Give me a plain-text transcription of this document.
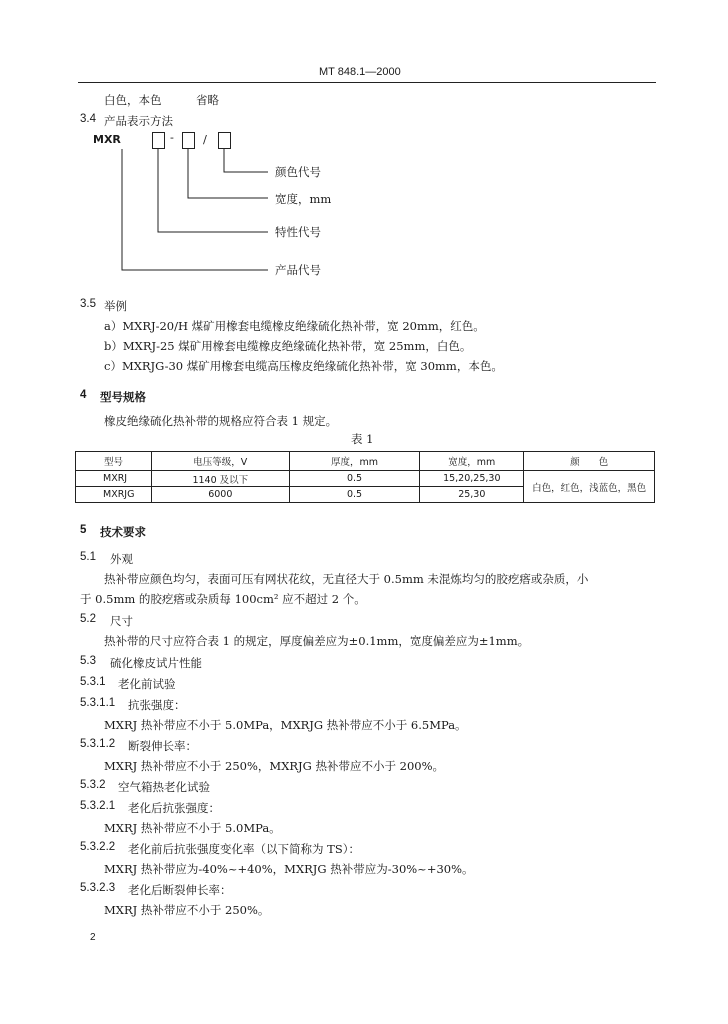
MT 848.1—2000
白色，本色　　　省略
3.4 产品表示方法
MXR	-	/
颜色代号
宽度，mm
特性代号
产品代号
3.5 举例
a）MXRJ-20/H 煤矿用橡套电缆橡皮绝缘硫化热补带，宽 20mm，红色。
b）MXRJ-25 煤矿用橡套电缆橡皮绝缘硫化热补带，宽 25mm，白色。
c）MXRJG-30 煤矿用橡套电缆高压橡皮绝缘硫化热补带，宽 30mm，本色。
4 型号规格
橡皮绝缘硫化热补带的规格应符合表 1 规定。
表 1
型号	电压等级，V	厚度，mm	宽度，mm	颜　　色
MXRJ	1140 及以下	0.5	15,20,25,30	白色，红色，浅蓝色，黑色
MXRJG	6000	0.5	25,30	
5 技术要求
5.1 外观
热补带应颜色均匀，表面可压有网状花纹，无直径大于 0.5mm 未混炼均匀的胶疙瘩或杂质，小
于 0.5mm 的胶疙瘩或杂质每 100cm² 应不超过 2 个。
5.2 尺寸
热补带的尺寸应符合表 1 的规定，厚度偏差应为±0.1mm，宽度偏差应为±1mm。
5.3 硫化橡皮试片性能
5.3.1 老化前试验
5.3.1.1 抗张强度：
MXRJ 热补带应不小于 5.0MPa，MXRJG 热补带应不小于 6.5MPa。
5.3.1.2 断裂伸长率：
MXRJ 热补带应不小于 250%，MXRJG 热补带应不小于 200%。
5.3.2 空气箱热老化试验
5.3.2.1 老化后抗张强度：
MXRJ 热补带应不小于 5.0MPa。
5.3.2.2 老化前后抗张强度变化率（以下简称为 TS）：
MXRJ 热补带应为-40%~+40%，MXRJG 热补带应为-30%~+30%。
5.3.2.3 老化后断裂伸长率：
MXRJ 热补带应不小于 250%。
2
